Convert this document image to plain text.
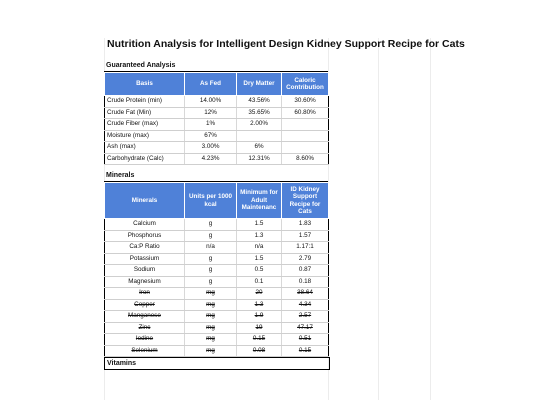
Nutrition Analysis for Intelligent Design Kidney Support Recipe for Cats
Guaranteed Analysis
Basis	As Fed	Dry Matter	Caloric Contribution
Crude Protein (min)	14.00%	43.56%	30.60%
Crude Fat (Min)	12%	35.65%	60.80%
Crude Fiber (max)	1%	2.00%	
Moisture (max)	67%		
Ash (max)	3.00%	6%	
Carbohydrate (Calc)	4.23%	12.31%	8.60%
Minerals
Minerals	Units per 1000 kcal	Minimum for Adult Maintenanc	ID Kidney Support Recipe for Cats
Calcium	g	1.5	1.83
Phosphorus	g	1.3	1.57
Ca:P Ratio	n/a	n/a	1.17:1
Potassium	g	1.5	2.79
Sodium	g	0.5	0.87
Magnesium	g	0.1	0.18
Iron	mg	20	38.64
Copper	mg	1.3	4.34
Manganese	mg	1.9	2.57
Zinc	mg	19	47.17
Iodine	mg	0.15	0.51
Selenium	mg	0.08	0.15
Vitamins
